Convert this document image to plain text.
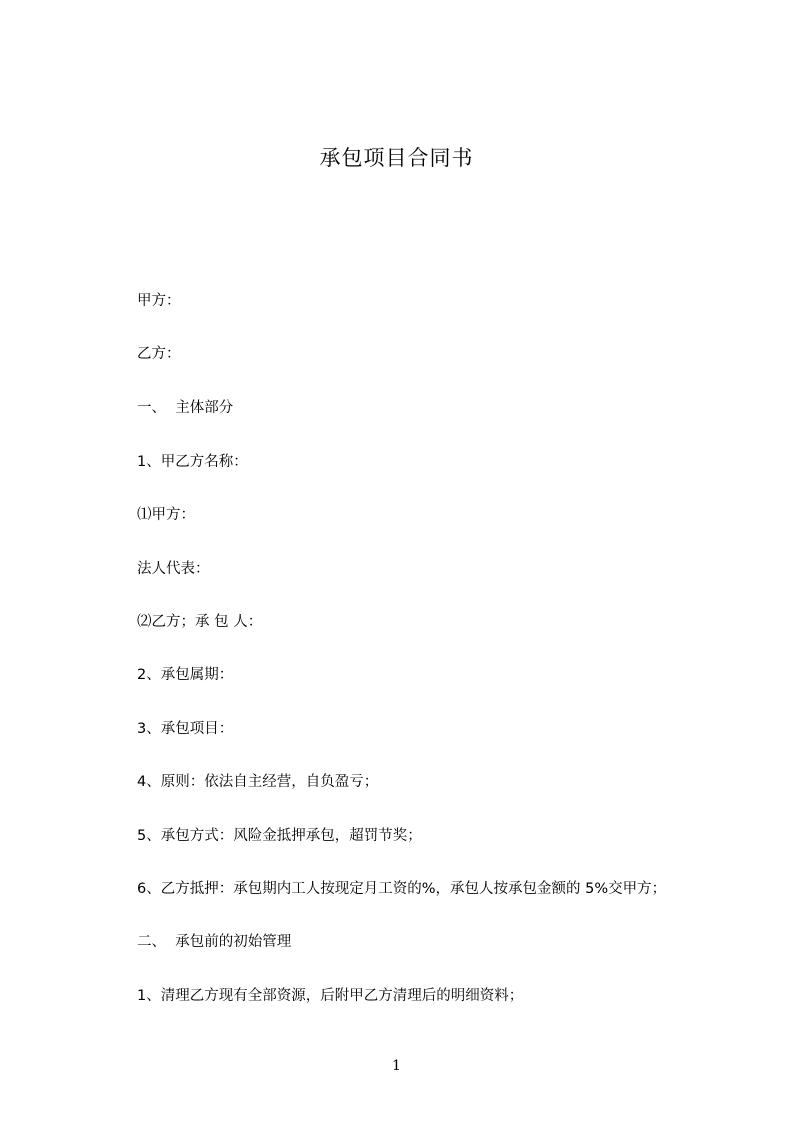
承包项目合同书
甲方：
乙方：
一、  主体部分
1、甲乙方名称：
⑴甲方：
法人代表：
⑵乙方；承 包 人：
2、承包属期：
3、承包项目：
4、原则：依法自主经营，自负盈亏；
5、承包方式：风险金抵押承包，超罚节奖；
6、乙方抵押：承包期内工人按现定月工资的%，承包人按承包金额的 5%交甲方；
二、  承包前的初始管理
1、清理乙方现有全部资源，后附甲乙方清理后的明细资料；
1
